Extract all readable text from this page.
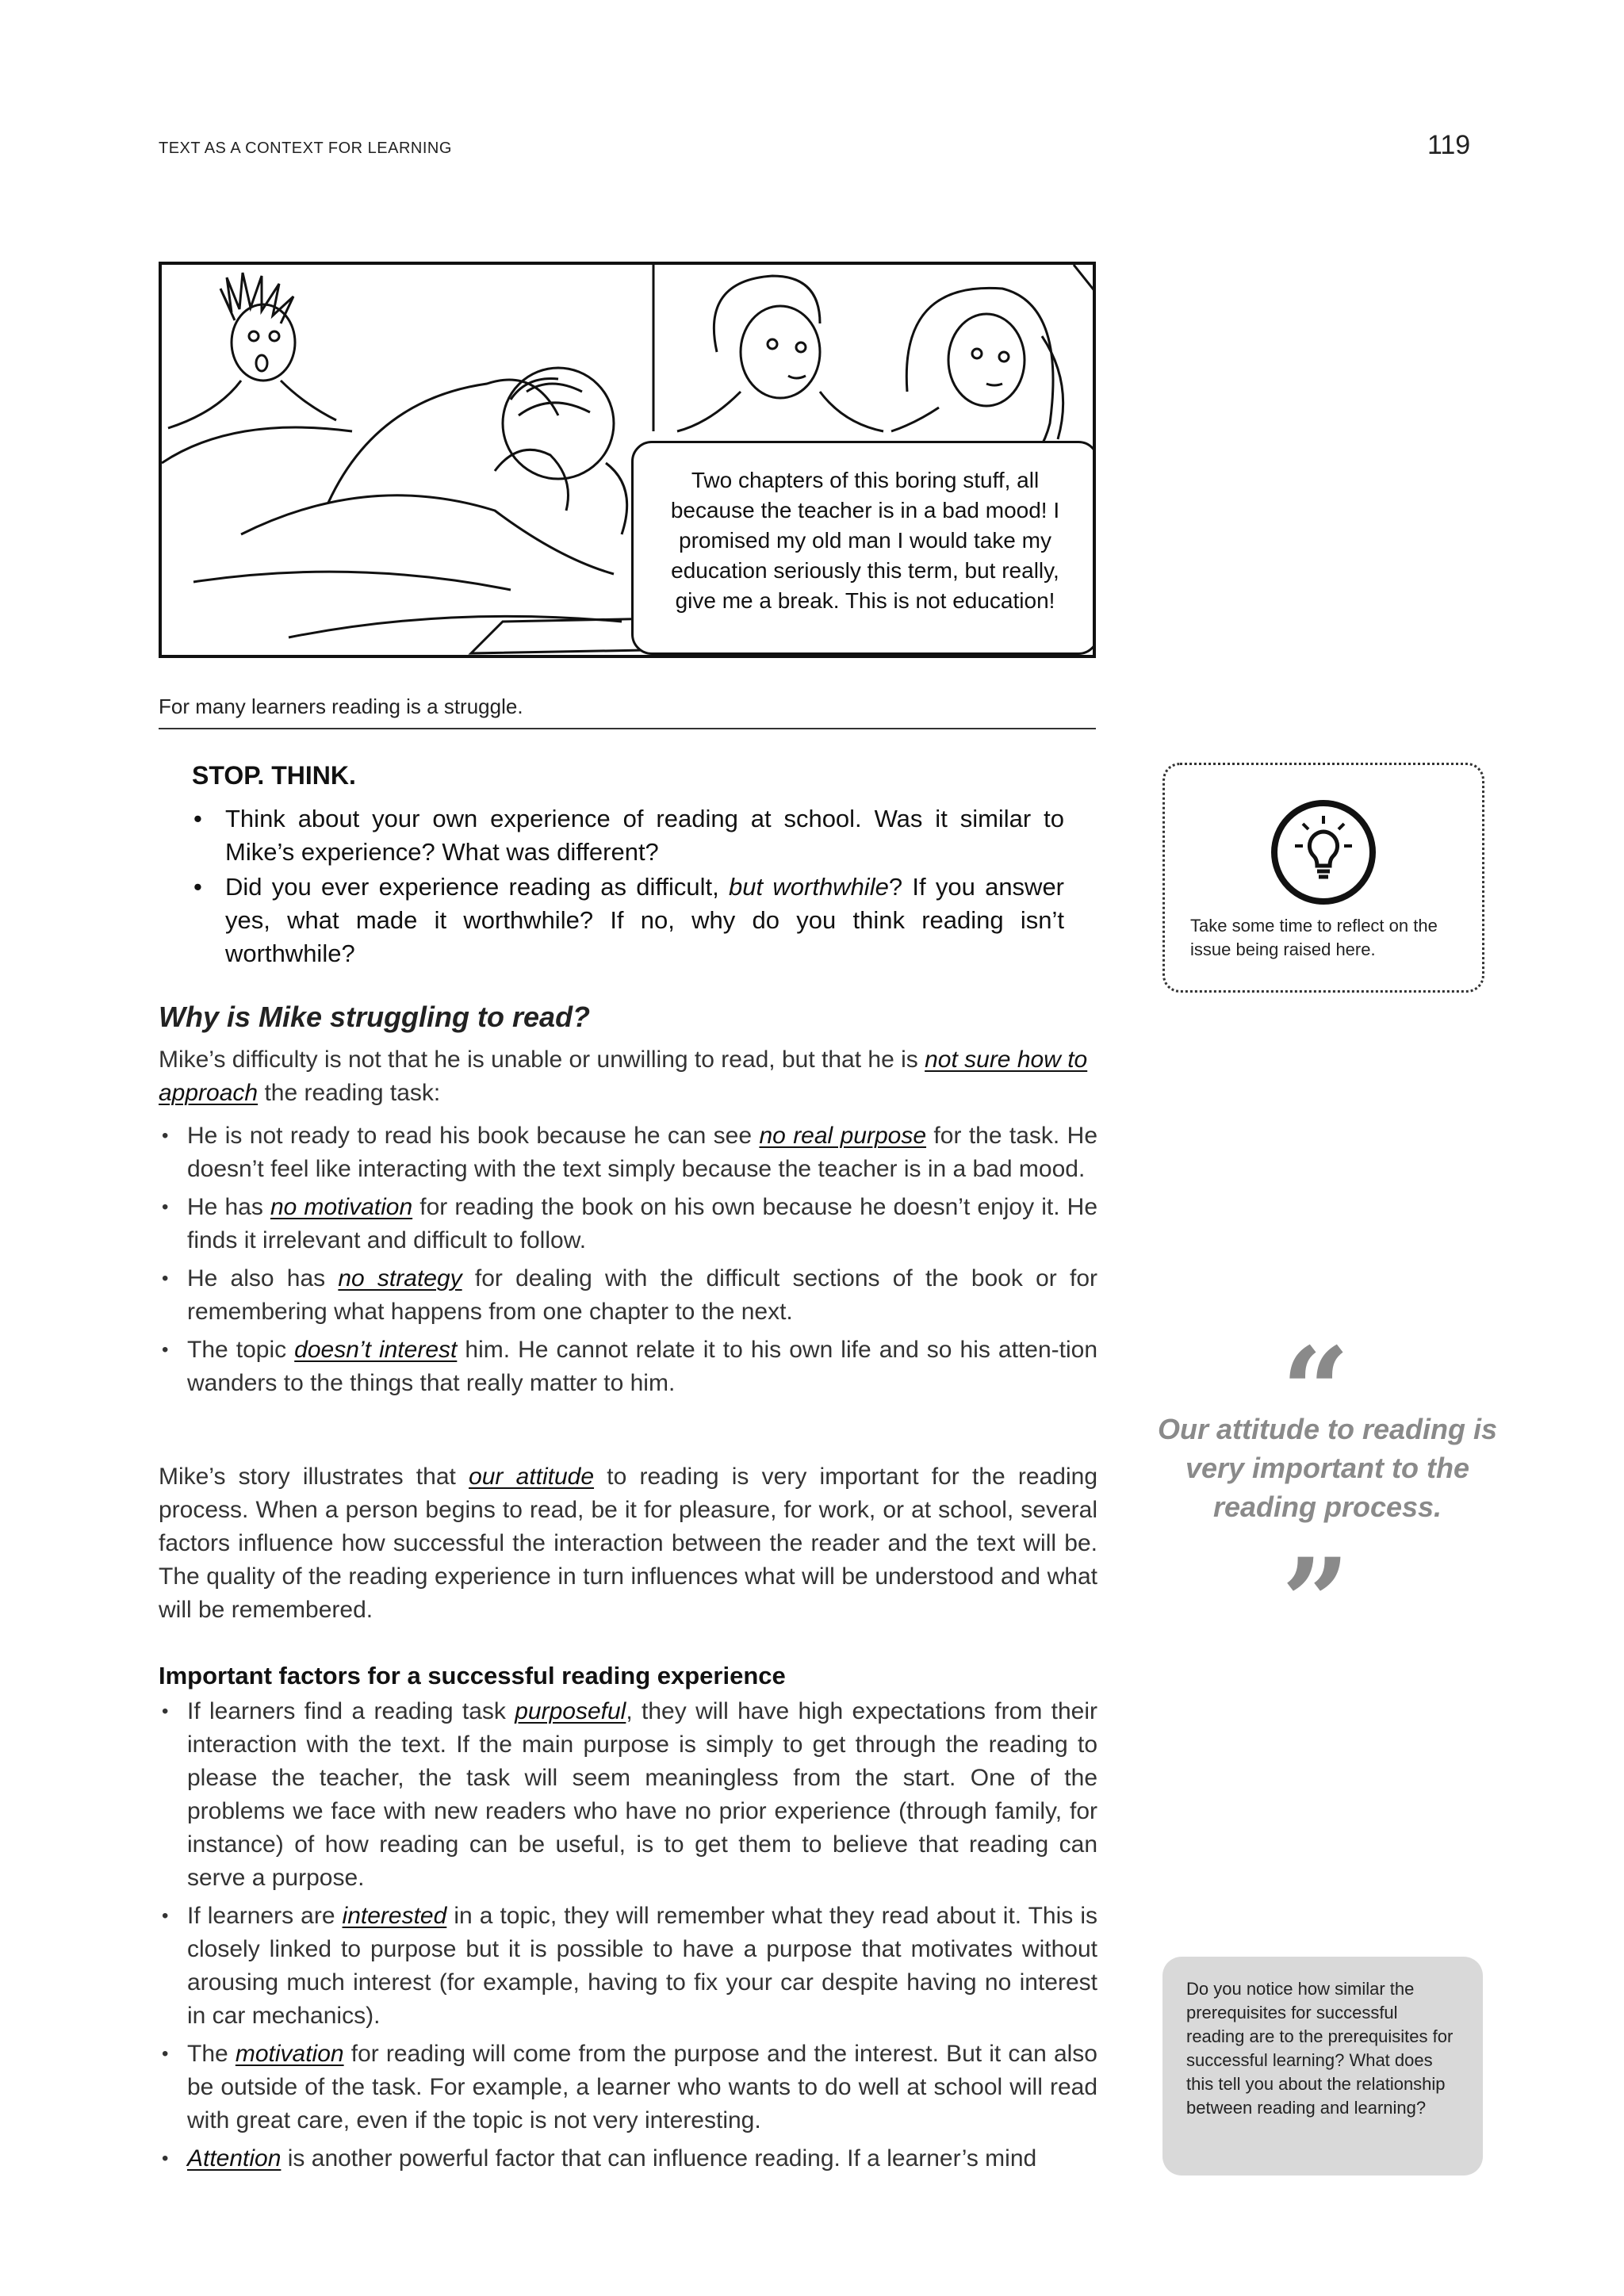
TEXT AS A CONTEXT FOR LEARNING	119
Two chapters of this boring stuff, all because the teacher is in a bad mood! I promised my old man I would take my education seriously this term, but really, give me a break. This is not education!
For many learners reading is a struggle.
STOP. THINK.
• Think about your own experience of reading at school. Was it similar to Mike’s experience? What was different?
• Did you ever experience reading as difficult, but worthwhile? If you answer yes, what made it worthwhile? If no, why do you think reading isn’t worthwhile?
Take some time to reflect on the issue being raised here.
Why is Mike struggling to read?
Mike’s difficulty is not that he is unable or unwilling to read, but that he is not sure how to approach the reading task:
• He is not ready to read his book because he can see no real purpose for the task. He doesn’t feel like interacting with the text simply because the teacher is in a bad mood.
• He has no motivation for reading the book on his own because he doesn’t enjoy it. He finds it irrelevant and difficult to follow.
• He also has no strategy for dealing with the difficult sections of the book or for remembering what happens from one chapter to the next.
• The topic doesn’t interest him. He cannot relate it to his own life and so his atten-tion wanders to the things that really matter to him.
Mike’s story illustrates that our attitude to reading is very important for the reading process. When a person begins to read, be it for pleasure, for work, or at school, several factors influence how successful the interaction between the reader and the text will be. The quality of the reading experience in turn influences what will be understood and what will be remembered.
Important factors for a successful reading experience
• If learners find a reading task purposeful, they will have high expectations from their interaction with the text. If the main purpose is simply to get through the reading to please the teacher, the task will seem meaningless from the start. One of the problems we face with new readers who have no prior experience (through family, for instance) of how reading can be useful, is to get them to believe that reading can serve a purpose.
• If learners are interested in a topic, they will remember what they read about it. This is closely linked to purpose but it is possible to have a purpose that motivates without arousing much interest (for example, having to fix your car despite having no interest in car mechanics).
• The motivation for reading will come from the purpose and the interest. But it can also be outside of the task. For example, a learner who wants to do well at school will read with great care, even if the topic is not very interesting.
• Attention is another powerful factor that can influence reading. If a learner’s mind
“
Our attitude to reading is very important to the reading process.
”
Do you notice how similar the prerequisites for successful reading are to the prerequisites for successful learning? What does this tell you about the relationship between reading and learning?
